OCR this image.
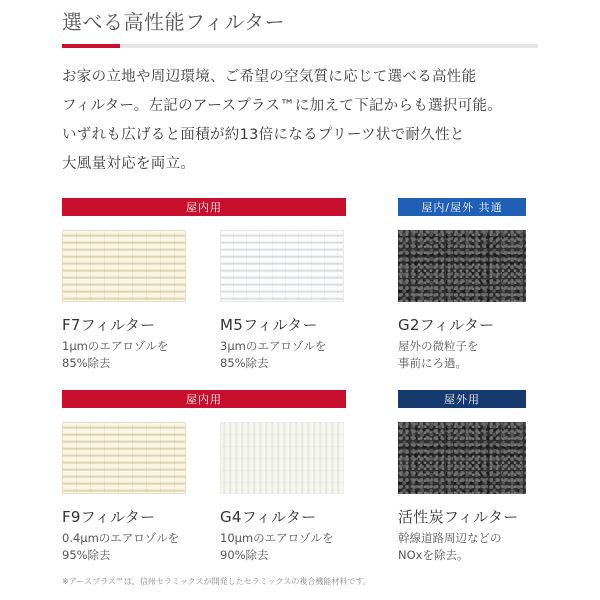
選べる高性能フィルター
お家の立地や周辺環境、ご希望の空気質に応じて選べる高性能
フィルター。左記のアースプラス™に加えて下記からも選択可能。
いずれも広げると面積が約13倍になるプリーツ状で耐久性と
大風量対応を両立。
屋内用	屋内/屋外 共通
F7フィルター	M5フィルター	G2フィルター
1μmのエアロゾルを
85%除去
3μmのエアロゾルを
85%除去
屋外の微粒子を
事前にろ過。
屋内用	屋外用
F9フィルター	G4フィルター	活性炭フィルター
0.4μmのエアロゾルを
95%除去
10μmのエアロゾルを
90%除去
幹線道路周辺などの
NOxを除去。
※アースプラス™は、信州セラミックスが開発したセラミックスの複合機能材料です。
